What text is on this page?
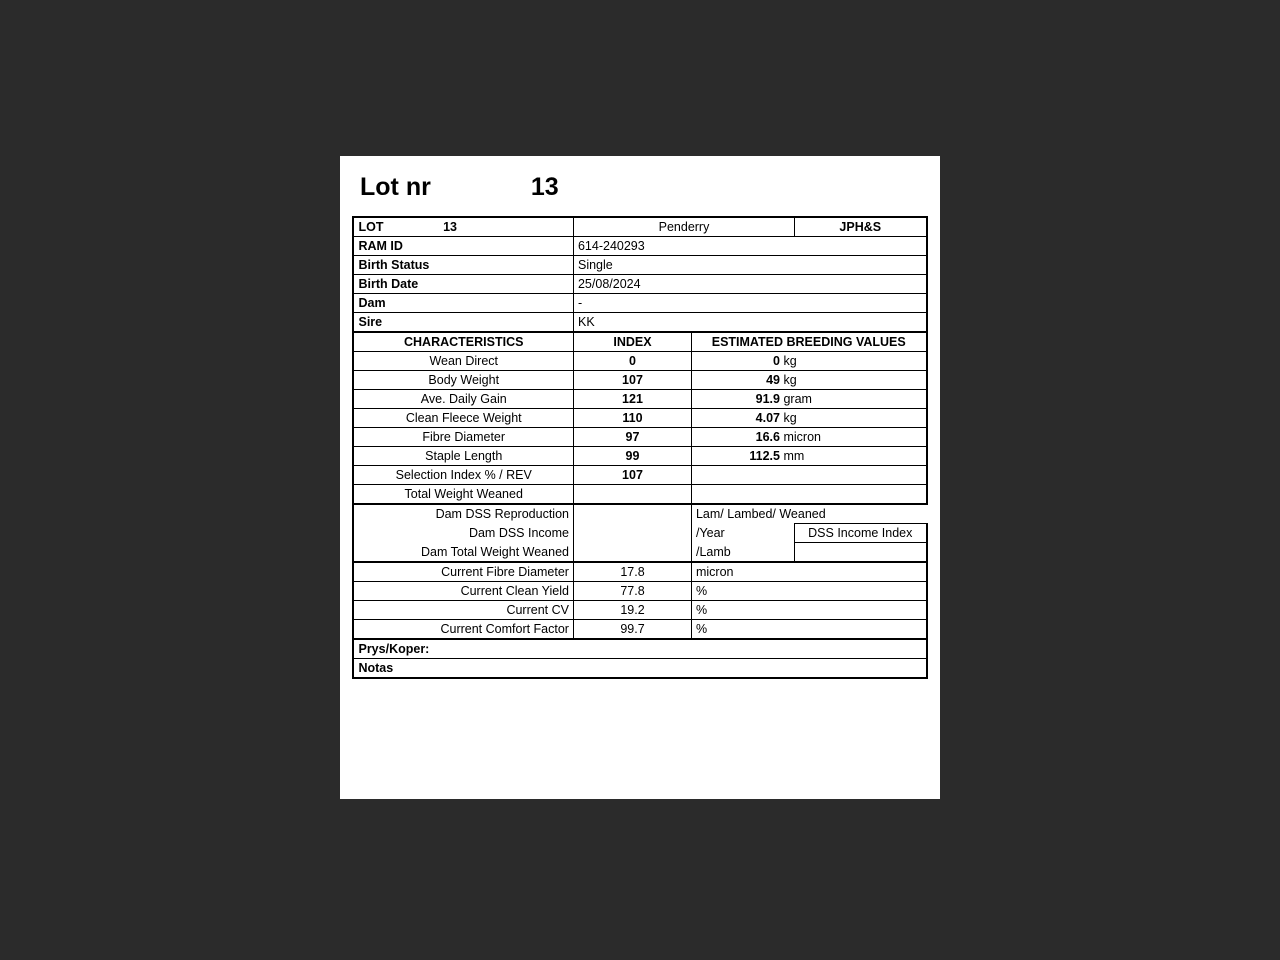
Lot nr	13
LOT 13	Penderry		JPH&S
RAM ID	614-240293		
Birth Status	Single		
Birth Date	25/08/2024		
Dam	-		
Sire	KK		
CHARACTERISTICS	INDEX	ESTIMATED BREEDING VALUES	
Wean Direct	0	0 kg	
Body Weight	107	49 kg	
Ave. Daily Gain	121	91.9 gram	
Clean Fleece Weight	110	4.07 kg	
Fibre Diameter	97	16.6 micron	
Staple Length	99	112.5 mm	
Selection Index % / REV	107		
Total Weight Weaned			
Dam DSS Reproduction		Lam/ Lambed/ Weaned	
Dam DSS Income		/Year	DSS Income Index
Dam Total Weight Weaned		/Lamb	
Current Fibre Diameter	17.8	micron	
Current Clean Yield	77.8	%	
Current CV	19.2	%	
Current Comfort Factor	99.7	%	
Prys/Koper:			
Notas			
